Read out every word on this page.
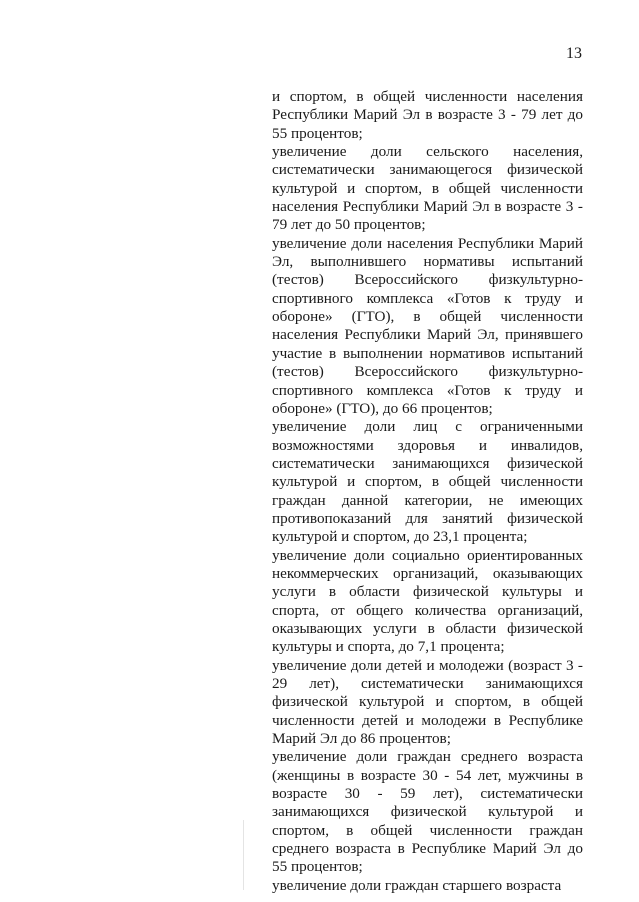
13

и спортом, в общей численности населения Республики Марий Эл в возрасте 3 - 79 лет до 55 процентов;

увеличение доли сельского населения, систематически занимающегося физической культурой и спортом, в общей численности населения Республики Марий Эл в возрасте 3 - 79 лет до 50 процентов;

увеличение доли населения Республики Марий Эл, выполнившего нормативы испытаний (тестов) Всероссийского физкультурно-спортивного комплекса «Готов к труду и обороне» (ГТО), в общей численности населения Республики Марий Эл, принявшего участие в выполнении нормативов испытаний (тестов) Всероссийского физкультурно-спортивного комплекса «Готов к труду и обороне» (ГТО), до 66 процентов;

увеличение доли лиц с ограниченными возможностями здоровья и инвалидов, систематически занимающихся физической культурой и спортом, в общей численности граждан данной категории, не имеющих противопоказаний для занятий физической культурой и спортом, до 23,1 процента;

увеличение доли социально ориентированных некоммерческих организаций, оказывающих услуги в области физической культуры и спорта, от общего количества организаций, оказывающих услуги в области физической культуры и спорта, до 7,1 процента;

увеличение доли детей и молодежи (возраст 3 - 29 лет), систематически занимающихся физической культурой и спортом, в общей численности детей и молодежи в Республике Марий Эл до 86 процентов;

увеличение доли граждан среднего возраста (женщины в возрасте 30 - 54 лет, мужчины в возрасте 30 - 59 лет), систематически занимающихся физической культурой и спортом, в общей численности граждан среднего возраста в Республике Марий Эл до 55 процентов;

увеличение доли граждан старшего возраста
